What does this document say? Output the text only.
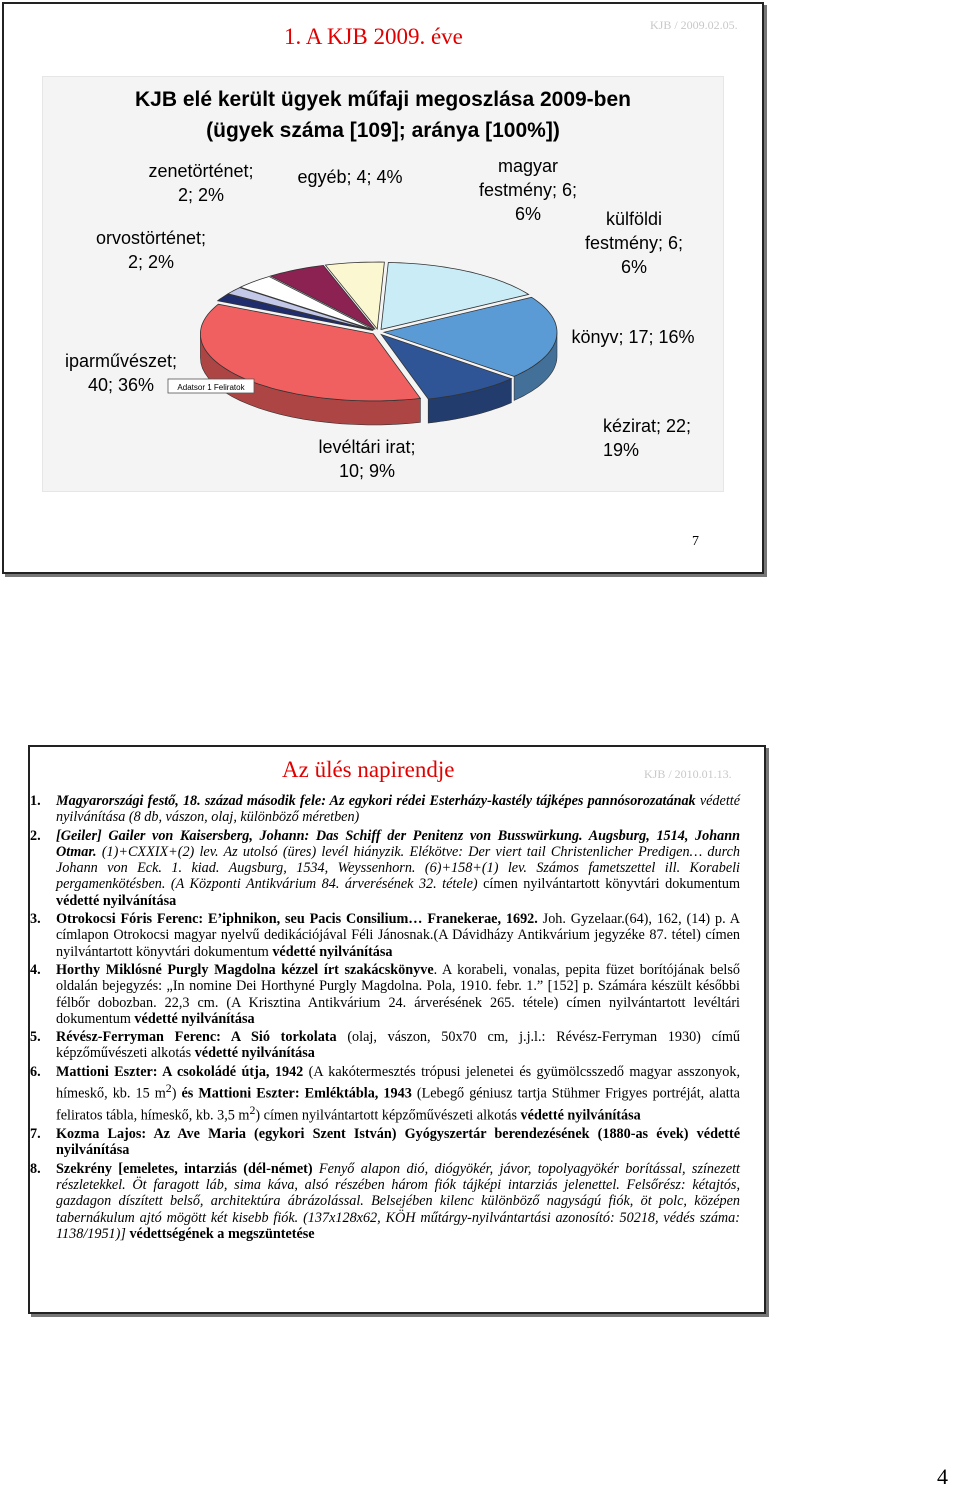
1. A KJB 2009. éve	KJB / 2009.02.05.
KJB elé került ügyek műfaji megoszlása 2009-ben
(ügyek száma [109]; aránya [100%])
Adatsor 1 Feliratok
magyar
festmény; 6;
6%	külföldi
festmény; 6;
6%
könyv; 17; 16%
kézirat; 22;
19%
levéltári irat;
10; 9%
iparművészet;
40; 36%
orvostörténet;
2; 2%
zenetörténet;
2; 2%
egyéb; 4; 4%
7
Az ülés napirendje	KJB / 2010.01.13.
1.	Magyarországi festő, 18. század második fele: Az egykori rédei Esterházy-kastély tájképes pannósorozatának védetté nyilvánítása (8 db, vászon, olaj, különböző méretben)
2.	[Geiler] Gailer von Kaisersberg, Johann: Das Schiff der Penitenz von Busswürkung. Augsburg, 1514, Johann Otmar. (1)+CXXIX+(2) lev. Az utolsó (üres) levél hiányzik. Elékötve: Der viert tail Christenlicher Predigen… durch Johann von Eck. 1. kiad. Augsburg, 1534, Weyssenhorn. (6)+158+(1) lev. Számos fametszettel ill. Korabeli pergamenkötésben. (A Központi Antikvárium 84. árverésének 32. tétele) címen nyilvántartott könyvtári dokumentum védetté nyilvánítása
3.	Otrokocsi Fóris Ferenc: E’iphnikon, seu Pacis Consilium… Franekerae, 1692. Joh. Gyzelaar.(64), 162, (14) p. A címlapon Otrokocsi magyar nyelvű dedikációjával Féli Jánosnak.(A Dávidházy Antikvárium jegyzéke 87. tétel) címen nyilvántartott könyvtári dokumentum védetté nyilvánítása
4.	Horthy Miklósné Purgly Magdolna kézzel írt szakácskönyve. A korabeli, vonalas, pepita füzet borítójának belső oldalán bejegyzés: „In nomine Dei Horthyné Purgly Magdolna. Pola, 1910. febr. 1.” [152] p. Számára készült későbbi félbőr dobozban. 22,3 cm. (A Krisztina Antikvárium 24. árverésének 265. tétele) címen nyilvántartott levéltári dokumentum védetté nyilvánítása
5.	Révész-Ferryman Ferenc: A Sió torkolata (olaj, vászon, 50x70 cm, j.j.l.: Révész-Ferryman 1930) című képzőművészeti alkotás védetté nyilvánítása
6.	Mattioni Eszter: A csokoládé útja, 1942 (A kakótermesztés trópusi jelenetei és gyümölcsszedő magyar asszonyok, hímeskő, kb. 15 $m^2$) és Mattioni Eszter: Emléktábla, 1943 (Lebegő géniusz tartja Stühmer Frigyes portréját, alatta feliratos tábla, hímeskő, kb. 3,5 $m^2$) címen nyilvántartott képzőművészeti alkotás védetté nyilvánítása
7.	Kozma Lajos: Az Ave Maria (egykori Szent István) Gyógyszertár berendezésének (1880-as évek) védetté nyilvánítása
8.	Szekrény [emeletes, intarziás (dél-német) Fenyő alapon dió, diógyökér, jávor, topolyagyökér borítással, színezett részletekkel. Öt faragott láb, sima káva, alsó részében három fiók tájképi intarziás jelenettel. Felsőrész: kétajtós, gazdagon díszített belső, architektúra ábrázolással. Belsejében kilenc különböző nagyságú fiók, öt polc, középen tabernákulum ajtó mögött két kisebb fiók. (137x128x62, KÖH műtárgy-nyilvántartási azonosító: 50218, védés száma: 1138/1951)] védettségének a megszüntetése
4
